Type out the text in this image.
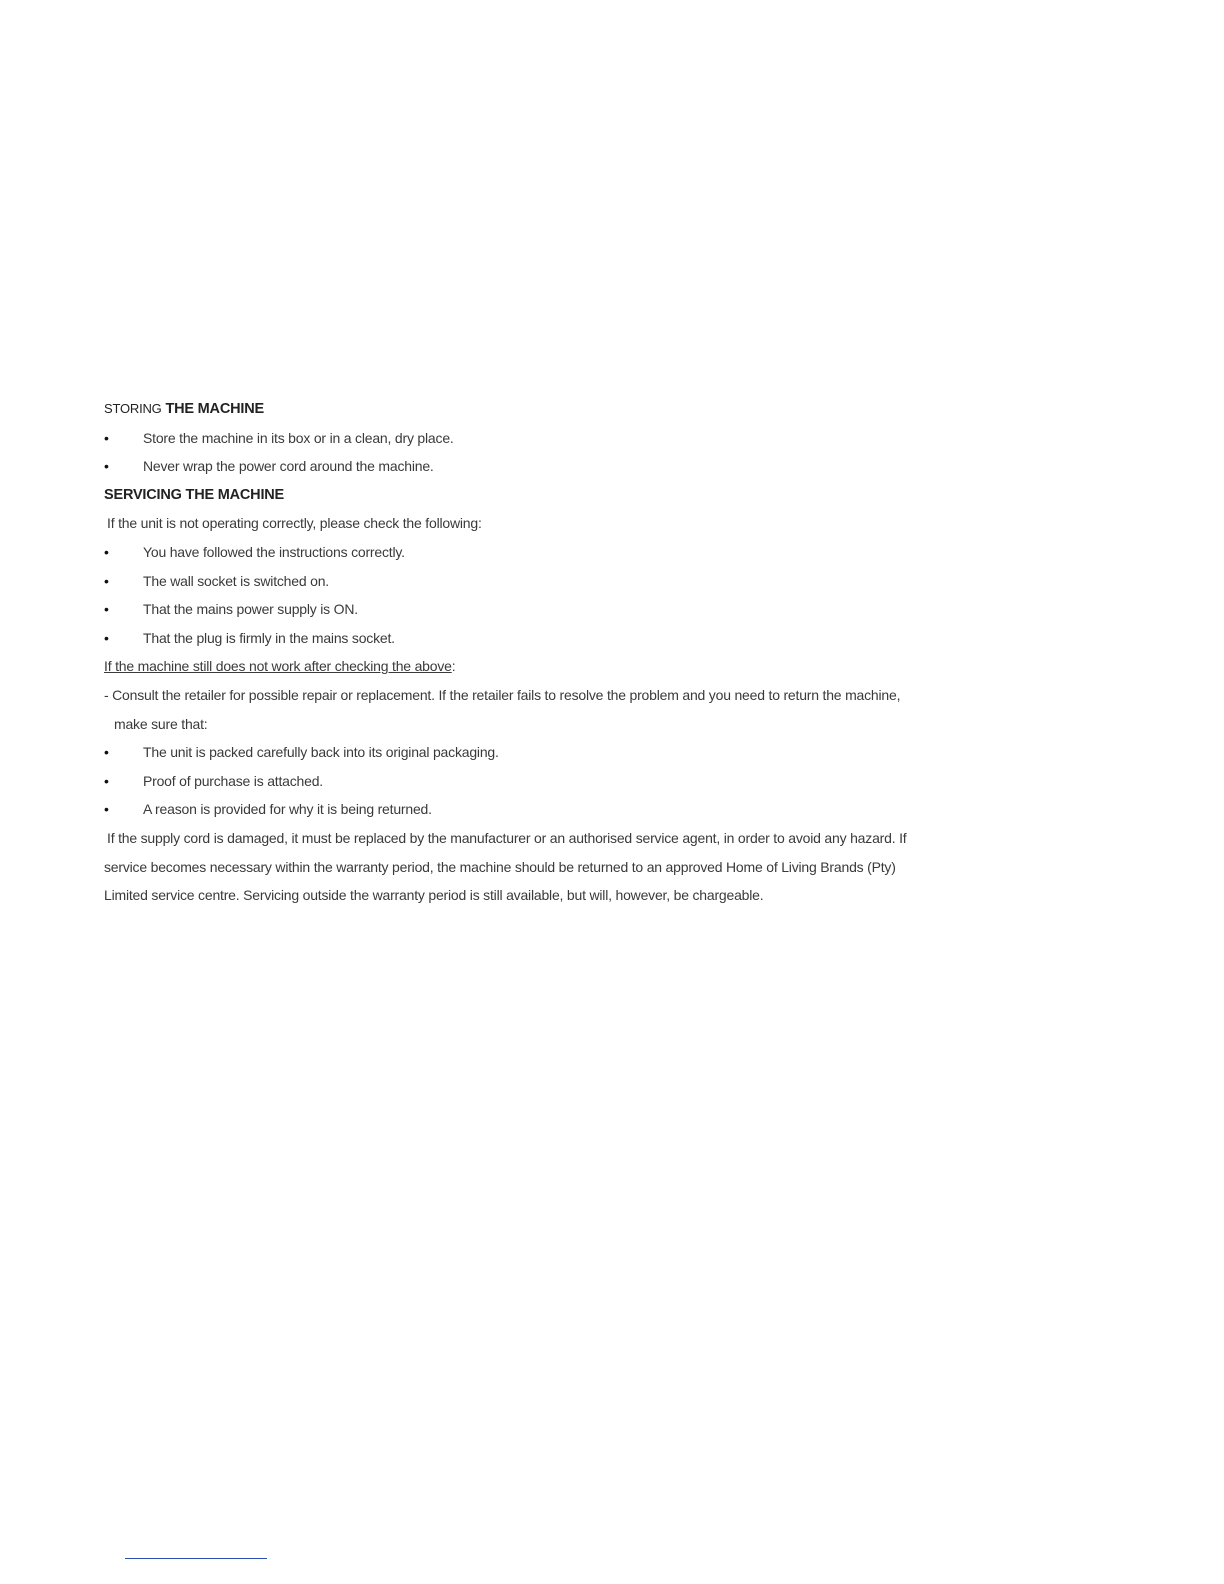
STORING THE MACHINE
•	Store the machine in its box or in a clean, dry place.
•	Never wrap the power cord around the machine.
SERVICING THE MACHINE
If the unit is not operating correctly, please check the following:
•	You have followed the instructions correctly.
•	The wall socket is switched on.
•	That the mains power supply is ON.
•	That the plug is firmly in the mains socket.
If the machine still does not work after checking the above:
- Consult the retailer for possible repair or replacement. If the retailer fails to resolve the problem and you need to return the machine,
make sure that:
•	The unit is packed carefully back into its original packaging.
•	Proof of purchase is attached.
•	A reason is provided for why it is being returned.
If the supply cord is damaged, it must be replaced by the manufacturer or an authorised service agent, in order to avoid any hazard. If
service becomes necessary within the warranty period, the machine should be returned to an approved Home of Living Brands (Pty)
Limited service centre. Servicing outside the warranty period is still available, but will, however, be chargeable.
